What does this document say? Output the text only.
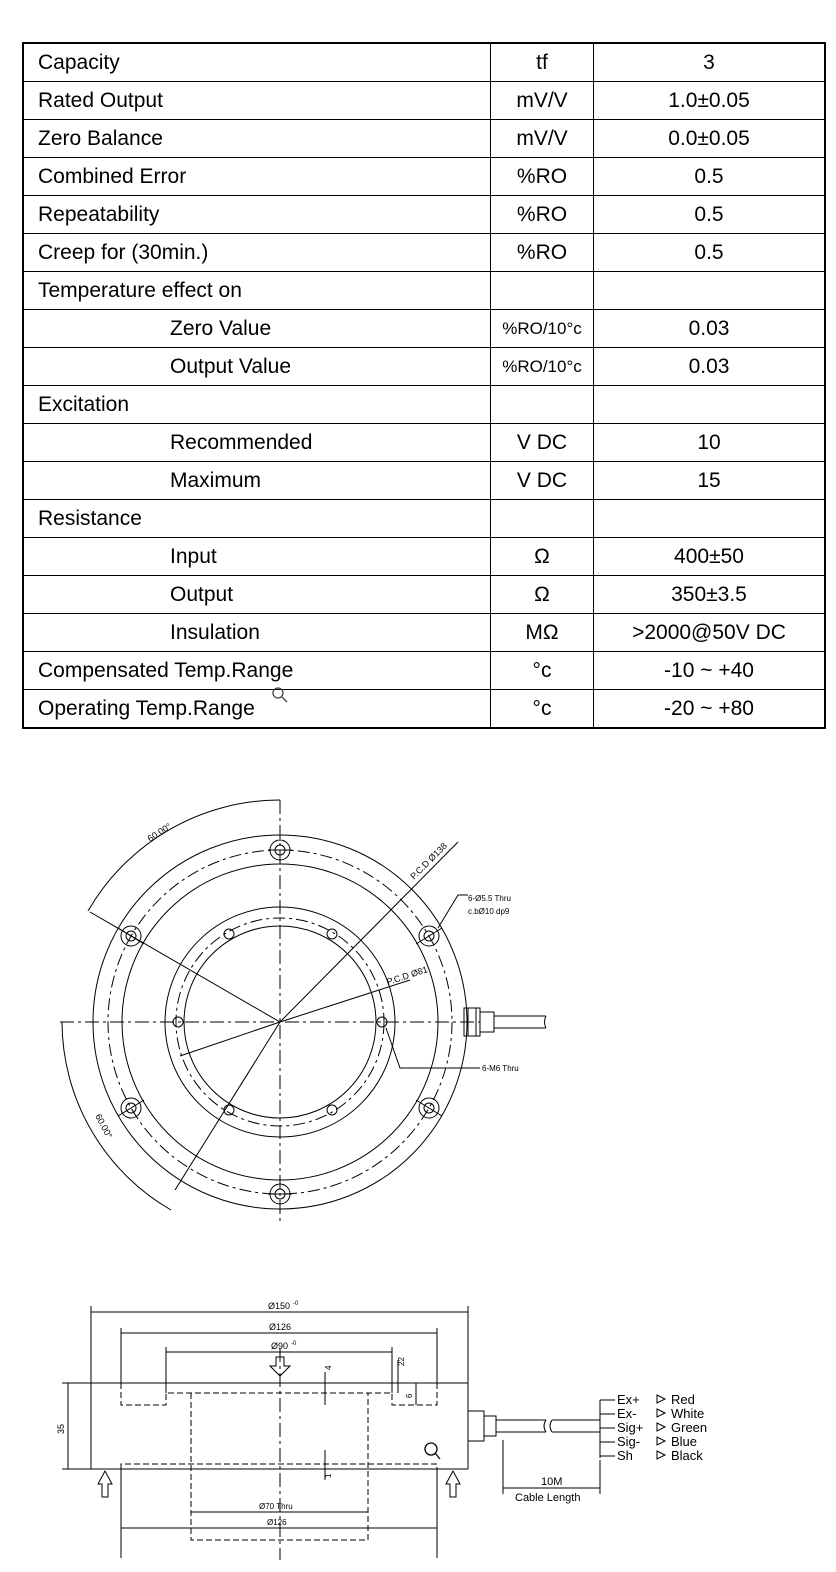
Capacity	tf	3
Rated Output	mV/V	1.0±0.05
Zero Balance	mV/V	0.0±0.05
Combined Error	%RO	0.5
Repeatability	%RO	0.5
Creep for (30min.)	%RO	0.5
Temperature effect on		
Zero Value	%RO/10°c	0.03
Output Value	%RO/10°c	0.03
Excitation		
Recommended	V DC	10
Maximum	V DC	15
Resistance		
Input	Ω	400±50
Output	Ω	350±3.5
Insulation	MΩ	>2000@50V DC
Compensated Temp.Range	°c	-10 ~ +40
Operating Temp.Range	°c	-20 ~ +80
60.00°
60.00°
P.C.D Ø138
P.C.D Ø81
6-Ø5.5 Thru
c.bØ10 dp9
6-M6 Thru
Ø150 -0
Ø126
Ø90 -0
4
22
6
35
1
Ø70 Thru
Ø126
10M
Cable Length
Ex+ Red
Ex-	White
Sig+ Green
Sig- Blue
Sh	Black
